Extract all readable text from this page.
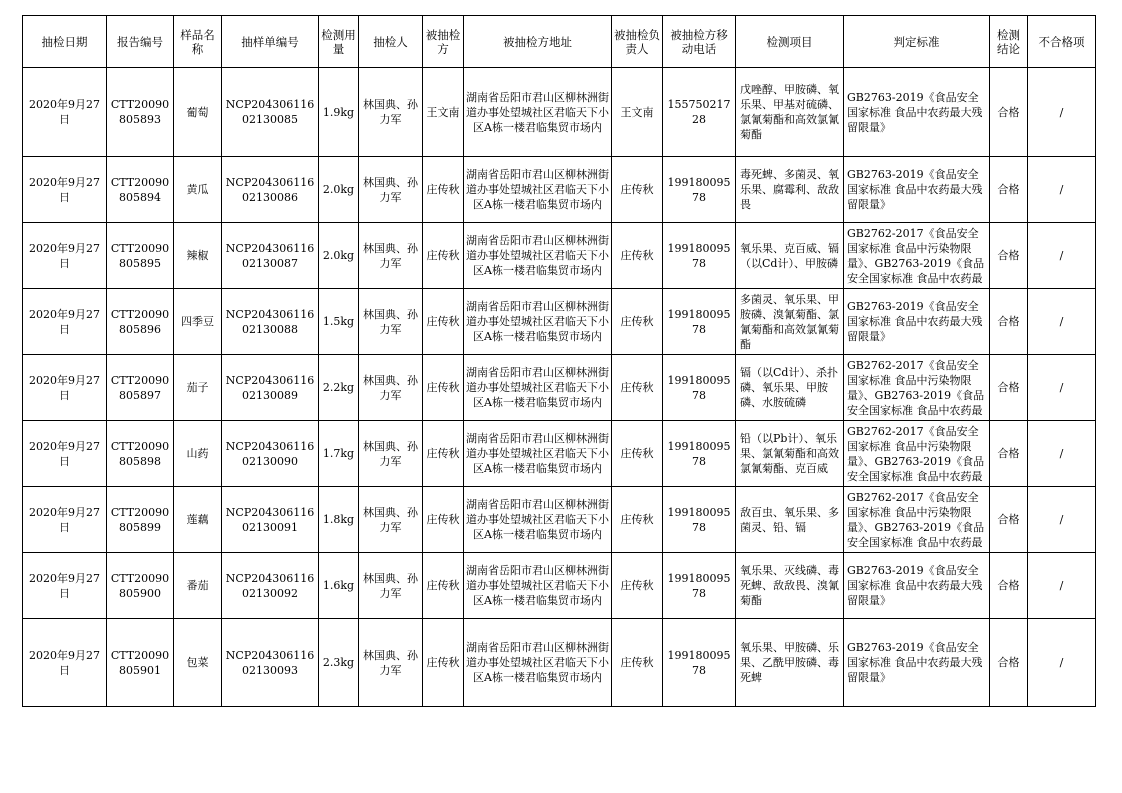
抽检日期	报告编号	样品名称	抽样单编号	检测用量	抽检人	被抽检方	被抽检方地址	被抽检负责人	被抽检方移动电话	检测项目	判定标准	检测结论	不合格项
2020年9月27日	CTT20090805893	葡萄	NCP20430611602130085	1.9kg	林国典、孙力军	王文南	湖南省岳阳市君山区柳林洲街道办事处望城社区君临天下小区A栋一楼君临集贸市场内	王文南	15575021728	戊唑醇、甲胺磷、氧乐果、甲基对硫磷、氯氰菊酯和高效氯氰菊酯	GB2763-2019《食品安全国家标准 食品中农药最大残留限量》	合格	/
2020年9月27日	CTT20090805894	黄瓜	NCP20430611602130086	2.0kg	林国典、孙力军	庄传秋	湖南省岳阳市君山区柳林洲街道办事处望城社区君临天下小区A栋一楼君临集贸市场内	庄传秋	19918009578	毒死蜱、多菌灵、氧乐果、腐霉利、敌敌畏	GB2763-2019《食品安全国家标准 食品中农药最大残留限量》	合格	/
2020年9月27日	CTT20090805895	辣椒	NCP20430611602130087	2.0kg	林国典、孙力军	庄传秋	湖南省岳阳市君山区柳林洲街道办事处望城社区君临天下小区A栋一楼君临集贸市场内	庄传秋	19918009578	氧乐果、克百威、镉（以Cd计）、甲胺磷	GB2762-2017《食品安全国家标准 食品中污染物限量》、GB2763-2019《食品安全国家标准 食品中农药最	合格	/
2020年9月27日	CTT20090805896	四季豆	NCP20430611602130088	1.5kg	林国典、孙力军	庄传秋	湖南省岳阳市君山区柳林洲街道办事处望城社区君临天下小区A栋一楼君临集贸市场内	庄传秋	19918009578	多菌灵、氧乐果、甲胺磷、溴氰菊酯、氯氰菊酯和高效氯氰菊酯	GB2763-2019《食品安全国家标准 食品中农药最大残留限量》	合格	/
2020年9月27日	CTT20090805897	茄子	NCP20430611602130089	2.2kg	林国典、孙力军	庄传秋	湖南省岳阳市君山区柳林洲街道办事处望城社区君临天下小区A栋一楼君临集贸市场内	庄传秋	19918009578	镉（以Cd计）、杀扑磷、氧乐果、甲胺磷、水胺硫磷	GB2762-2017《食品安全国家标准 食品中污染物限量》、GB2763-2019《食品安全国家标准 食品中农药最	合格	/
2020年9月27日	CTT20090805898	山药	NCP20430611602130090	1.7kg	林国典、孙力军	庄传秋	湖南省岳阳市君山区柳林洲街道办事处望城社区君临天下小区A栋一楼君临集贸市场内	庄传秋	19918009578	铅（以Pb计）、氧乐果、氯氰菊酯和高效氯氰菊酯、克百威	GB2762-2017《食品安全国家标准 食品中污染物限量》、GB2763-2019《食品安全国家标准 食品中农药最	合格	/
2020年9月27日	CTT20090805899	莲藕	NCP20430611602130091	1.8kg	林国典、孙力军	庄传秋	湖南省岳阳市君山区柳林洲街道办事处望城社区君临天下小区A栋一楼君临集贸市场内	庄传秋	19918009578	敌百虫、氧乐果、多菌灵、铅、镉	GB2762-2017《食品安全国家标准 食品中污染物限量》、GB2763-2019《食品安全国家标准 食品中农药最	合格	/
2020年9月27日	CTT20090805900	番茄	NCP20430611602130092	1.6kg	林国典、孙力军	庄传秋	湖南省岳阳市君山区柳林洲街道办事处望城社区君临天下小区A栋一楼君临集贸市场内	庄传秋	19918009578	氧乐果、灭线磷、毒死蜱、敌敌畏、溴氰菊酯	GB2763-2019《食品安全国家标准 食品中农药最大残留限量》	合格	/
2020年9月27日	CTT20090805901	包菜	NCP20430611602130093	2.3kg	林国典、孙力军	庄传秋	湖南省岳阳市君山区柳林洲街道办事处望城社区君临天下小区A栋一楼君临集贸市场内	庄传秋	19918009578	氧乐果、甲胺磷、乐果、乙酰甲胺磷、毒死蜱	GB2763-2019《食品安全国家标准 食品中农药最大残留限量》	合格	/
